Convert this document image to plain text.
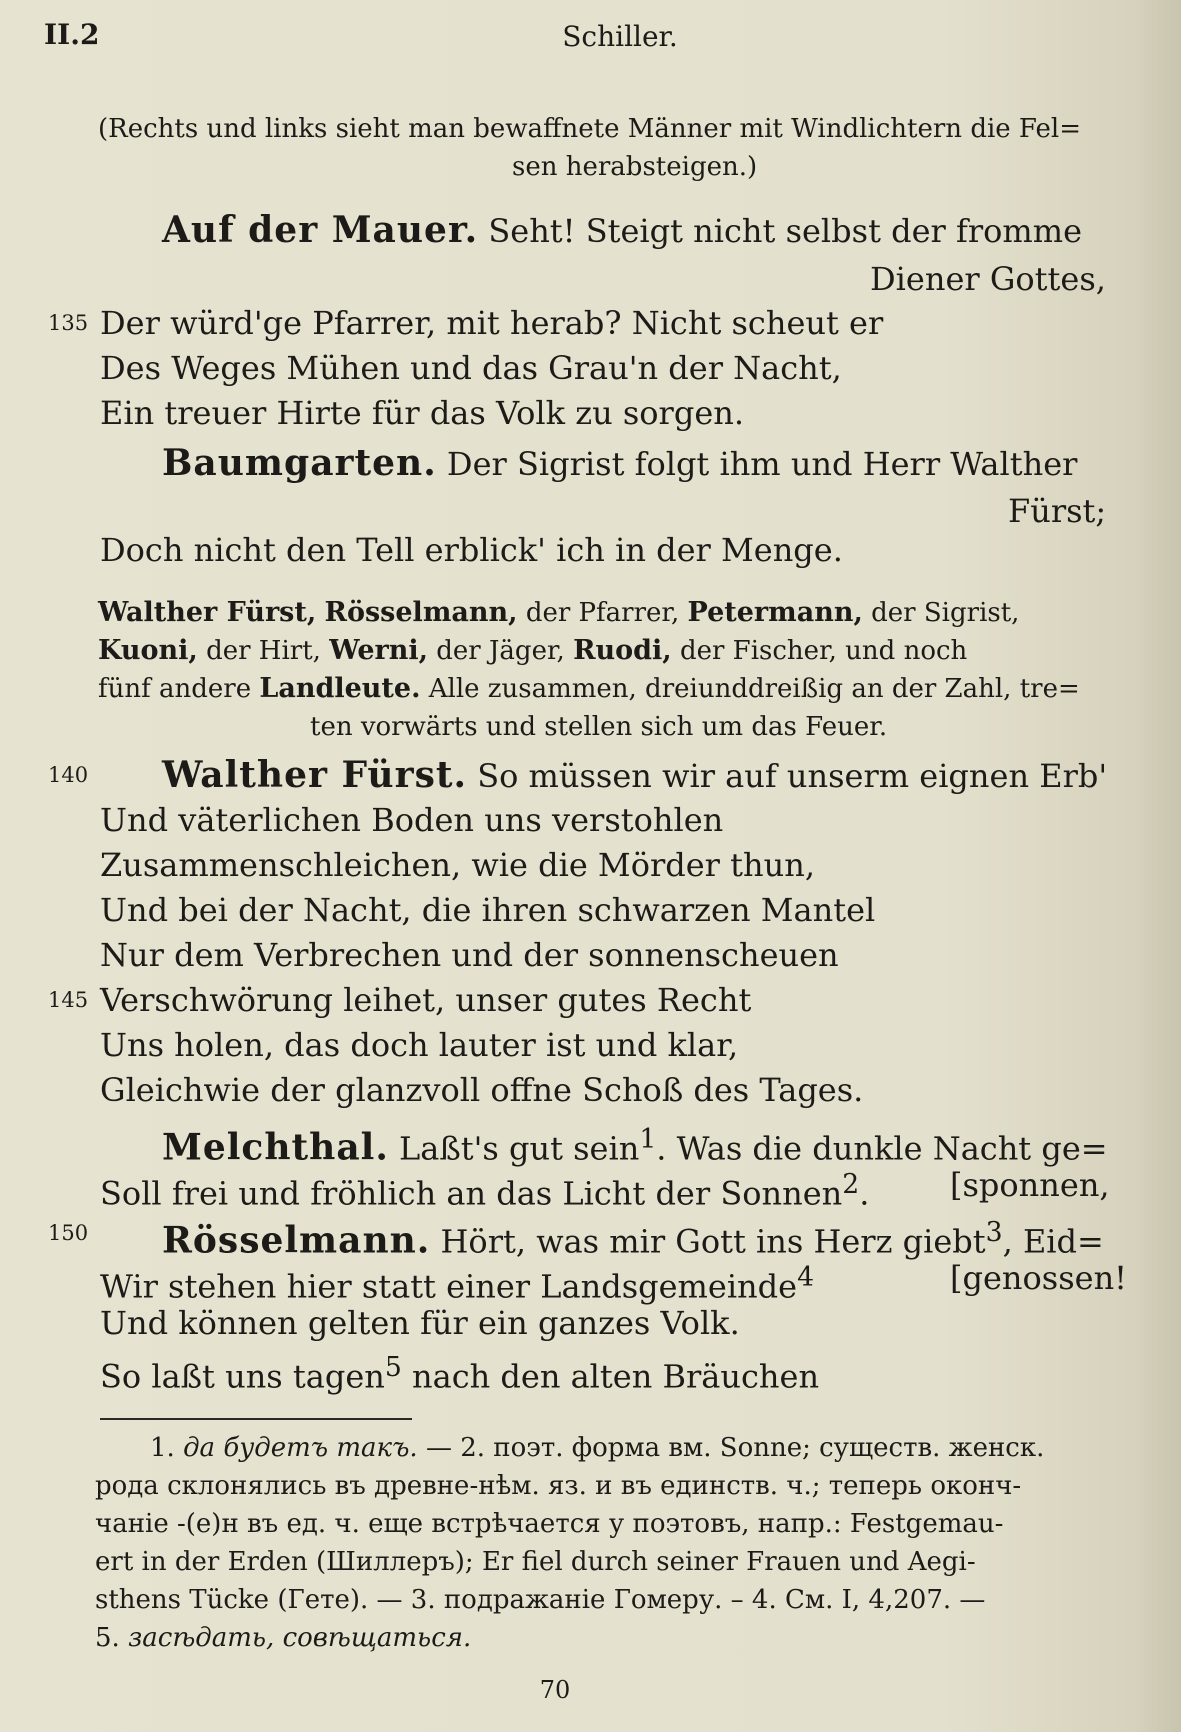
II.2	Schiller.
(Rechts und links sieht man bewaffnete Männer mit Windlichtern die Fel=
sen herabsteigen.)
Auf der Mauer. Seht! Steigt nicht selbst der fromme
Diener Gottes,
135 Der würd'ge Pfarrer, mit herab? Nicht scheut er
Des Weges Mühen und das Grau'n der Nacht,
Ein treuer Hirte für das Volk zu sorgen.
Baumgarten. Der Sigrist folgt ihm und Herr Walther
Fürst;
Doch nicht den Tell erblick' ich in der Menge.
Walther Fürst, Rösselmann, der Pfarrer, Petermann, der Sigrist,
Kuoni, der Hirt, Werni, der Jäger, Ruodi, der Fischer, und noch
fünf andere Landleute. Alle zusammen, dreiunddreißig an der Zahl, tre=
ten vorwärts und stellen sich um das Feuer.
140 Walther Fürst. So müssen wir auf unserm eignen Erb'
Und väterlichen Boden uns verstohlen
Zusammenschleichen, wie die Mörder thun,
Und bei der Nacht, die ihren schwarzen Mantel
Nur dem Verbrechen und der sonnenscheuen
145 Verschwörung leihet, unser gutes Recht
Uns holen, das doch lauter ist und klar,
Gleichwie der glanzvoll offne Schoß des Tages.
Melchthal. Laßt's gut sein$^1$. Was die dunkle Nacht ge=
Soll frei und fröhlich an das Licht der Sonnen$^2$.	[sponnen,
150 Rösselmann. Hört, was mir Gott ins Herz giebt$^3$, Eid=
Wir stehen hier statt einer Landsgemeinde$^4$	[genossen!
Und können gelten für ein ganzes Volk.
So laßt uns tagen$^5$ nach den alten Bräuchen
1. да будетъ такъ. — 2. поэт. форма вм. Sonne; существ. женск.
рода склонялись въ древне-нѣм. яз. и въ единств. ч.; теперь оконч-
чаніе -(е)н въ ед. ч. еще встрѣчается у поэтовъ, напр.: Festgemau-
ert in der Erden (Шиллеръ); Er fiel durch seiner Frauen und Aegi-
sthens Tücke (Гете). — 3. подражаніе Гомеру. – 4. См. I, 4,207. —
5. засѣдать, совѣщаться.
70
